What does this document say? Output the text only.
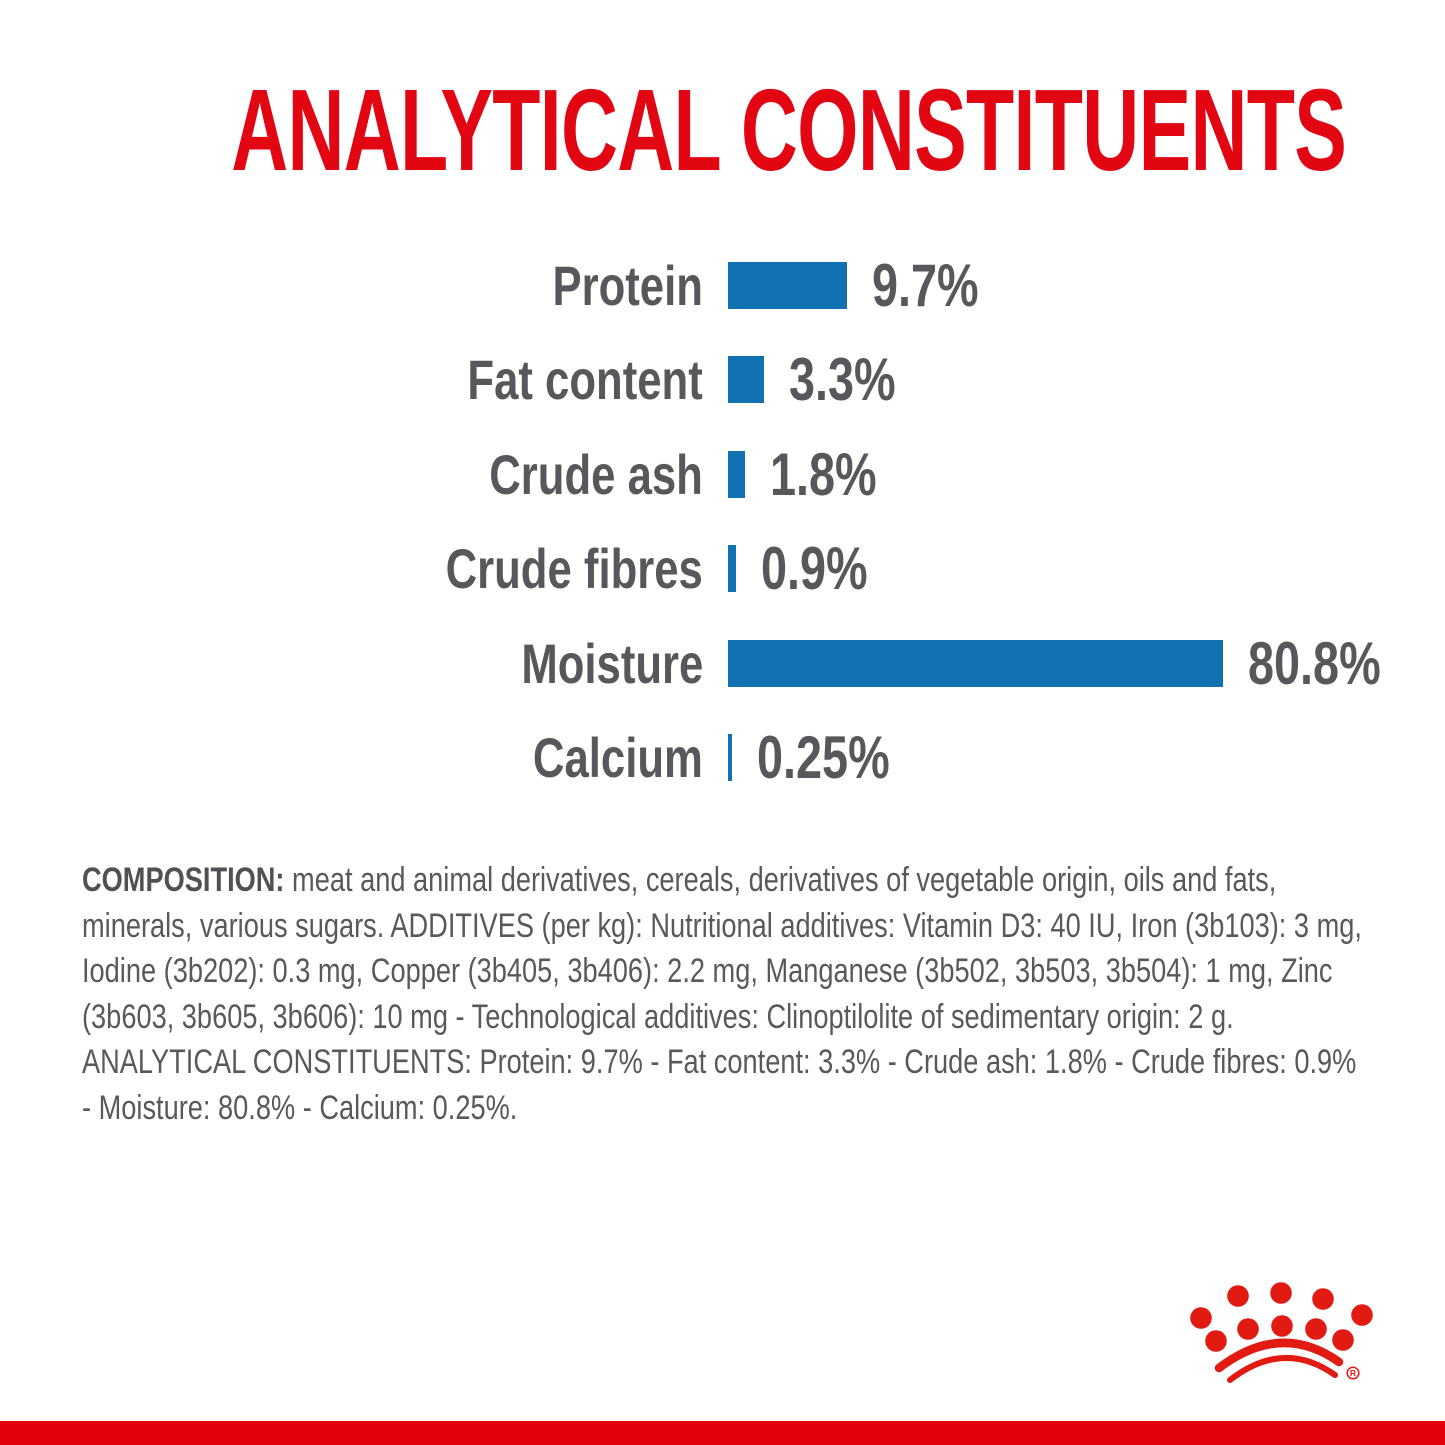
ANALYTICAL CONSTITUENTS
Protein	9.7%
Fat content 3.3%
Crude ash 1.8%
Crude fibres 0.9%
Moisture	80.8%
Calcium 0.25%

COMPOSITION: meat and animal derivatives, cereals, derivatives of vegetable origin, oils and fats, minerals, various sugars. ADDITIVES (per kg): Nutritional additives: Vitamin D3: 40 IU, Iron (3b103): 3 mg, Iodine (3b202): 0.3 mg, Copper (3b405, 3b406): 2.2 mg, Manganese (3b502, 3b503, 3b504): 1 mg, Zinc (3b603, 3b605, 3b606): 10 mg - Technological additives: Clinoptilolite of sedimentary origin: 2 g. ANALYTICAL CONSTITUENTS: Protein: 9.7% - Fat content: 3.3% - Crude ash: 1.8% - Crude fibres: 0.9% - Moisture: 80.8% - Calcium: 0.25%.

R
